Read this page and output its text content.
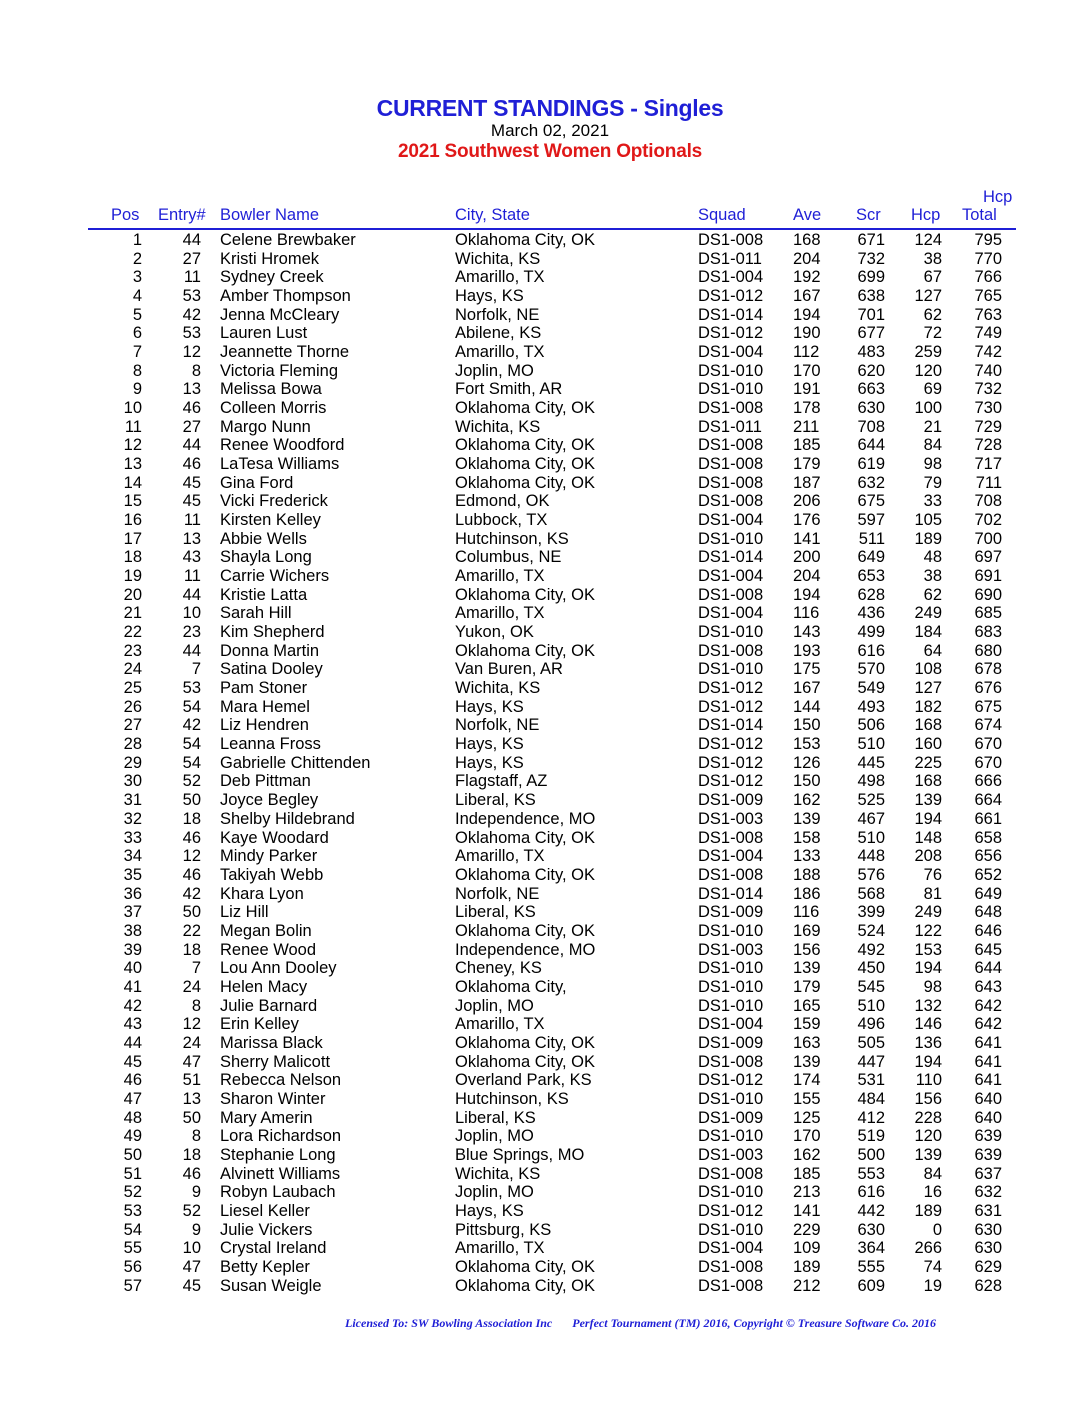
CURRENT STANDINGS - Singles
March 02, 2021
2021 Southwest Women Optionals
Pos Entry# Bowler Name	City, State	Squad	Ave Scr Hcp
Hcp
Total
1 44 Celene Brewbaker	Oklahoma City, OK	DS1-008 168 671 124 795
2 27 Kristi Hromek	Wichita, KS	DS1-011 204 732 38 770
3	11 Sydney Creek	Amarillo, TX	DS1-004 192 699 67 766
4 53 Amber Thompson	Hays, KS	DS1-012 167 638 127 765
5 42 Jenna McCleary	Norfolk, NE	DS1-014 194 701 62 763
6 53 Lauren Lust	Abilene, KS	DS1-012 190 677 72 749
7 12 Jeannette Thorne	Amarillo, TX	DS1-004 112 483 259 742
8	8 Victoria Fleming	Joplin, MO	DS1-010 170 620 120 740
9 13 Melissa Bowa	Fort Smith, AR	DS1-010 191 663 69 732
10 46 Colleen Morris	Oklahoma City, OK	DS1-008 178 630 100 730
11 27 Margo Nunn	Wichita, KS	DS1-011 211 708 21 729
12 44 Renee Woodford	Oklahoma City, OK	DS1-008 185 644 84 728
13 46 LaTesa Williams	Oklahoma City, OK	DS1-008 179 619 98 717
14 45 Gina Ford	Oklahoma City, OK	DS1-008 187 632 79 711
15 45 Vicki Frederick	Edmond, OK	DS1-008 206 675 33 708
16	11 Kirsten Kelley	Lubbock, TX	DS1-004 176 597 105 702
17 13 Abbie Wells	Hutchinson, KS	DS1-010 141 511 189 700
18 43 Shayla Long	Columbus, NE	DS1-014 200 649 48 697
19	11 Carrie Wichers	Amarillo, TX	DS1-004 204 653 38 691
20 44 Kristie Latta	Oklahoma City, OK	DS1-008 194 628 62 690
21 10 Sarah Hill	Amarillo, TX	DS1-004 116 436 249 685
22 23 Kim Shepherd	Yukon, OK	DS1-010 143 499 184 683
23 44 Donna Martin	Oklahoma City, OK	DS1-008 193 616 64 680
24	7 Satina Dooley	Van Buren, AR	DS1-010 175 570 108 678
25 53 Pam Stoner	Wichita, KS	DS1-012 167 549 127 676
26 54 Mara Hemel	Hays, KS	DS1-012 144 493 182 675
27 42 Liz Hendren	Norfolk, NE	DS1-014 150 506 168 674
28 54 Leanna Fross	Hays, KS	DS1-012 153 510 160 670
29 54 Gabrielle Chittenden	Hays, KS	DS1-012 126 445 225 670
30 52 Deb Pittman	Flagstaff, AZ	DS1-012 150 498 168 666
31 50 Joyce Begley	Liberal, KS	DS1-009 162 525 139 664
32 18 Shelby Hildebrand	Independence, MO	DS1-003 139 467 194 661
33 46 Kaye Woodard	Oklahoma City, OK	DS1-008 158 510 148 658
34 12 Mindy Parker	Amarillo, TX	DS1-004 133 448 208 656
35 46 Takiyah Webb	Oklahoma City, OK	DS1-008 188 576 76 652
36 42 Khara Lyon	Norfolk, NE	DS1-014 186 568 81 649
37 50 Liz Hill	Liberal, KS	DS1-009 116 399 249 648
38 22 Megan Bolin	Oklahoma City, OK	DS1-010 169 524 122 646
39 18 Renee Wood	Independence, MO	DS1-003 156 492 153 645
40	7 Lou Ann Dooley	Cheney, KS	DS1-010 139 450 194 644
41 24 Helen Macy	Oklahoma City,	DS1-010 179 545 98 643
42	8 Julie Barnard	Joplin, MO	DS1-010 165 510 132 642
43 12 Erin Kelley	Amarillo, TX	DS1-004 159 496 146 642
44 24 Marissa Black	Oklahoma City, OK	DS1-009 163 505 136 641
45 47 Sherry Malicott	Oklahoma City, OK	DS1-008 139 447 194 641
46 51 Rebecca Nelson	Overland Park, KS	DS1-012 174 531 110 641
47 13 Sharon Winter	Hutchinson, KS	DS1-010 155 484 156 640
48 50 Mary Amerin	Liberal, KS	DS1-009 125 412 228 640
49	8 Lora Richardson	Joplin, MO	DS1-010 170 519 120 639
50 18 Stephanie Long	Blue Springs, MO	DS1-003 162 500 139 639
51 46 Alvinett Williams	Wichita, KS	DS1-008 185 553 84 637
52	9 Robyn Laubach	Joplin, MO	DS1-010 213 616 16 632
53 52 Liesel Keller	Hays, KS	DS1-012 141 442 189 631
54	9 Julie Vickers	Pittsburg, KS	DS1-010 229 630	0 630
55 10 Crystal Ireland	Amarillo, TX	DS1-004 109 364 266 630
56 47 Betty Kepler	Oklahoma City, OK	DS1-008 189 555 74 629
57 45 Susan Weigle	Oklahoma City, OK	DS1-008 212 609 19 628
Licensed To: SW Bowling Association Inc Perfect Tournament (TM) 2016, Copyright © Treasure Software Co. 2016
